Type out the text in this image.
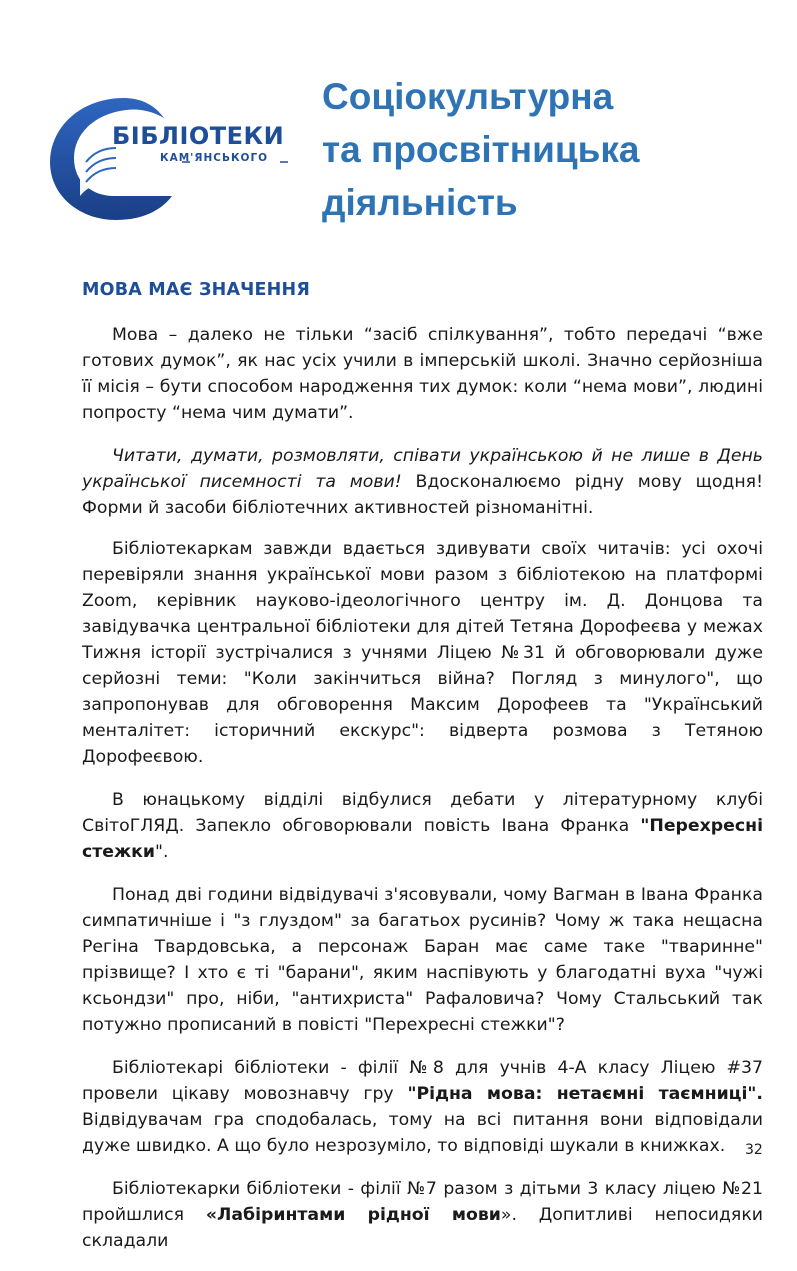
БІБЛІОТЕКИ
КАМ'ЯНСЬКОГО
Соціокультурна
та просвітницька
діяльність
МОВА МАЄ ЗНАЧЕННЯ

Мова – далеко не тільки “засіб спілкування”, тобто передачі “вже готових думок”, як нас усіх учили в імперській школі. Значно серйозніша її місія – бути способом народження тих думок: коли “нема мови”, людині попросту “нема чим думати”.

Читати, думати, розмовляти, співати українською й не лише в День української писемності та мови! Вдосконалюємо рідну мову щодня! Форми й засоби бібліотечних активностей різноманітні.

Бібліотекаркам завжди вдається здивувати своїх читачів: усі охочі перевіряли знання української мови разом з бібліотекою на платформі Zoom, керівник науково-ідеологічного центру ім. Д. Донцова та завідувачка центральної бібліотеки для дітей Тетяна Дорофеєва у межах Тижня історії зустрічалися з учнями Ліцею №31 й обговорювали дуже серйозні теми: "Коли закінчиться війна? Погляд з минулого", що запропонував для обговорення Максим Дорофеев та "Український менталітет: історичний екскурс": відверта розмова з Тетяною Дорофеєвою.

В юнацькому відділі відбулися дебати у літературному клубі СвітоГЛЯД. Запекло обговорювали повість Івана Франка "Перехресні стежки".

Понад дві години відвідувачі з'ясовували, чому Вагман в Івана Франка симпатичніше і "з глуздом" за багатьох русинів? Чому ж така нещасна Регіна Твардовська, а персонаж Баран має саме таке "тваринне" прізвище? І хто є ті "барани", яким наспівують у благодатні вуха "чужі ксьондзи" про, ніби, "антихриста" Рафаловича? Чому Стальський так потужно прописаний в повісті "Перехресні стежки"?

Бібліотекарі бібліотеки - філії №8 для учнів 4-А класу Ліцею #37 провели цікаву мовознавчу гру "Рідна мова: нетаємні таємниці". Відвідувачам гра сподобалась, тому на всі питання вони відповідали дуже швидко. А що було незрозуміло, то відповіді шукали в книжках.

Бібліотекарки бібліотеки - філії №7 разом з дітьми 3 класу ліцею №21 пройшлися «Лабіринтами рідної мови». Допитливі непосидяки складали

32
